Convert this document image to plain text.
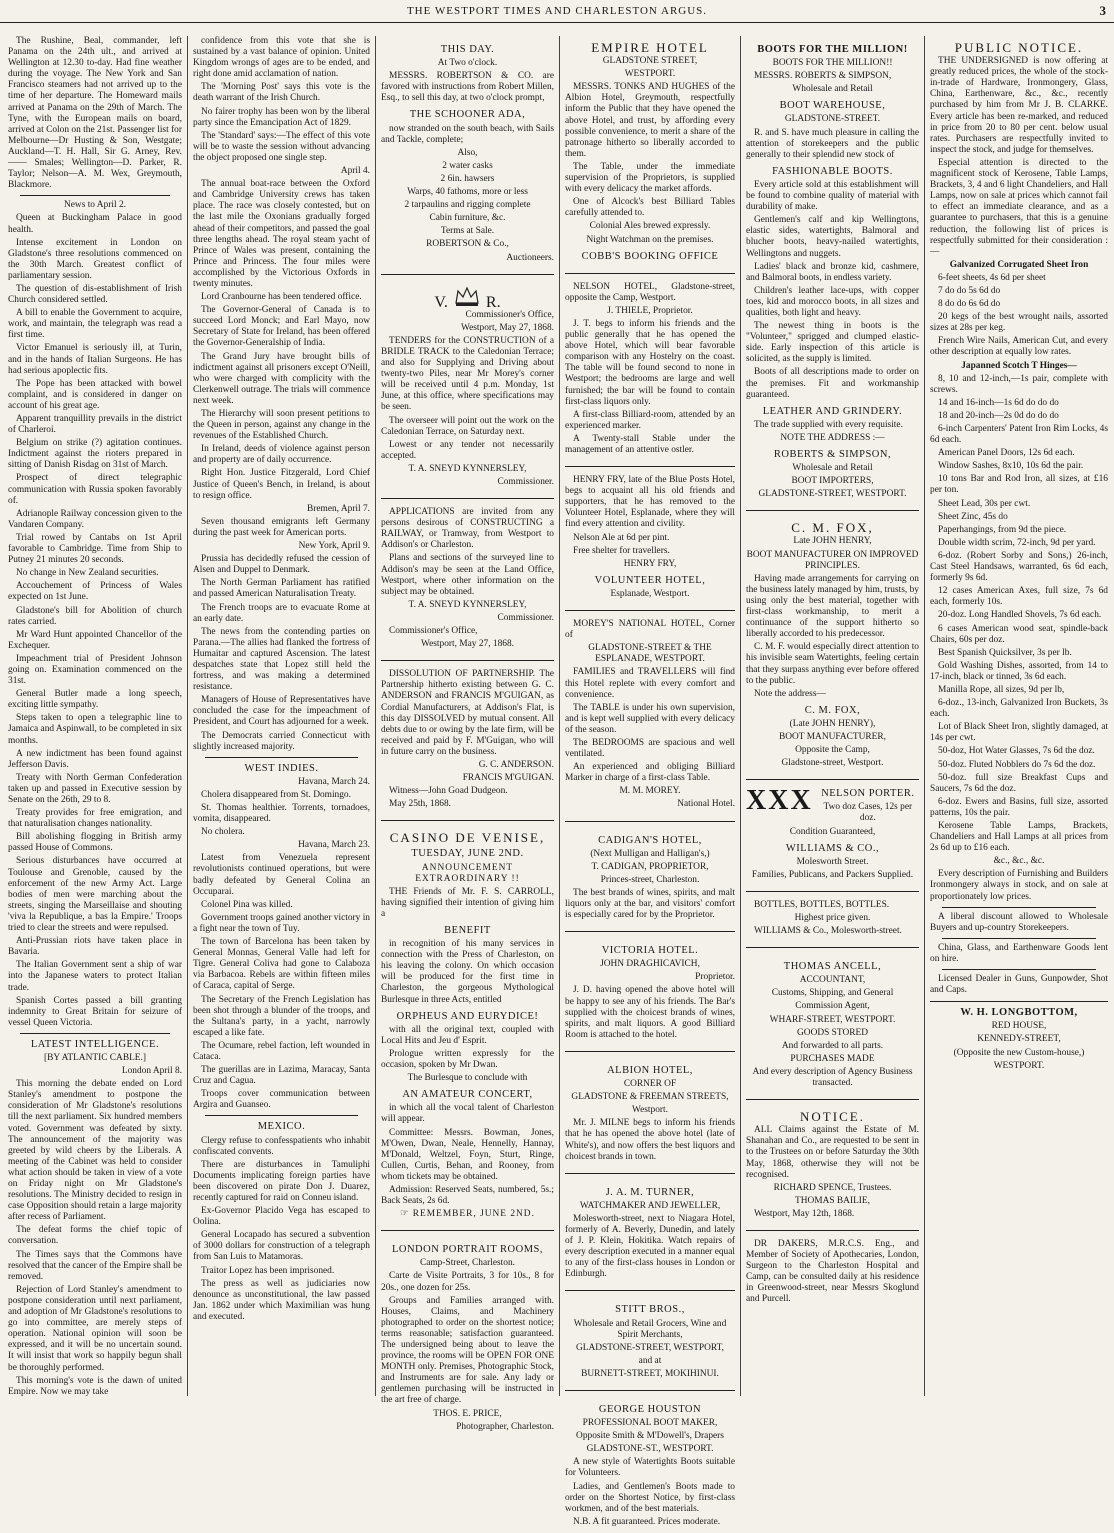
THE WESTPORT TIMES AND CHARLESTON ARGUS.	3

The Rushine, Beal, commander, left Panama on the 24th ult., and arrived at Wellington at 12.30 to-day. Had fine weather during the voyage. The New York and San Francisco steamers had not arrived up to the time of her departure. The Homeward mails arrived at Panama on the 29th of March. The Tyne, with the European mails on board, arrived at Colon on the 21st. Passenger list for Melbourne—Dr Husting & Son, Westgate; Auckland—T. H. Hall, Sir G. Arney, Rev. —— Smales; Wellington—D. Parker, R. Taylor; Nelson—A. M. Wex, Greymouth, Blackmore.

News to April 2.

Queen at Buckingham Palace in good health.

Intense excitement in London on Gladstone's three resolutions commenced on the 30th March. Greatest conflict of parliamentary session.

The question of dis-establishment of Irish Church considered settled.

A bill to enable the Government to acquire, work, and maintain, the telegraph was read a first time.

Victor Emanuel is seriously ill, at Turin, and in the hands of Italian Surgeons. He has had serious apoplectic fits.

The Pope has been attacked with bowel complaint, and is considered in danger on account of his great age.

Apparent tranquillity prevails in the district of Charleroi.

Belgium on strike (?) agitation continues. Indictment against the rioters prepared in sitting of Danish Risdag on 31st of March.

Prospect of direct telegraphic communication with Russia spoken favorably of.

Adrianople Railway concession given to the Vandaren Company.

Trial rowed by Cantabs on 1st April favorable to Cambridge. Time from Ship to Putney 21 minutes 20 seconds.

No change in New Zealand securities.

Accouchement of Princess of Wales expected on 1st June.

Gladstone's bill for Abolition of church rates carried.

Mr Ward Hunt appointed Chancellor of the Exchequer.

Impeachment trial of President Johnson going on. Examination commenced on the 31st.

General Butler made a long speech, exciting little sympathy.

Steps taken to open a telegraphic line to Jamaica and Aspinwall, to be completed in six months.

A new indictment has been found against Jefferson Davis.

Treaty with North German Confederation taken up and passed in Executive session by Senate on the 26th, 29 to 8.

Treaty provides for free emigration, and that naturalisation changes nationality.

Bill abolishing flogging in British army passed House of Commons.

Serious disturbances have occurred at Toulouse and Grenoble, caused by the enforcement of the new Army Act. Large bodies of men were marching about the streets, singing the Marseillaise and shouting 'viva la Republique, a bas la Empire.' Troops tried to clear the streets and were repulsed.

Anti-Prussian riots have taken place in Bavaria.

The Italian Government sent a ship of war into the Japanese waters to protect Italian trade.

Spanish Cortes passed a bill granting indemnity to Great Britain for seizure of vessel Queen Victoria.

LATEST INTELLIGENCE.

[BY ATLANTIC CABLE.]

London April 8.

This morning the debate ended on Lord Stanley's amendment to postpone the consideration of Mr Gladstone's resolutions till the next parliament. Six hundred members voted. Government was defeated by sixty. The announcement of the majority was greeted by wild cheers by the Liberals. A meeting of the Cabinet was held to consider what action should be taken in view of a vote on Friday night on Mr Gladstone's resolutions. The Ministry decided to resign in case Opposition should retain a large majority after recess of Parliament.

The defeat forms the chief topic of conversation.

The Times says that the Commons have resolved that the cancer of the Empire shall be removed.

Rejection of Lord Stanley's amendment to postpone consideration until next parliament, and adoption of Mr Gladstone's resolutions to go into committee, are merely steps of operation. National opinion will soon be expressed, and it will be no uncertain sound. It will insist that work so happily begun shall be thoroughly performed.

This morning's vote is the dawn of united Empire. Now we may take

confidence from this vote that she is sustained by a vast balance of opinion. United Kingdom wrongs of ages are to be ended, and right done amid acclamation of nation.

The 'Morning Post' says this vote is the death warrant of the Irish Church.

No fairer trophy has been won by the liberal party since the Emancipation Act of 1829.

The 'Standard' says:—The effect of this vote will be to waste the session without advancing the object proposed one single step.

April 4.

The annual boat-race between the Oxford and Cambridge University crews has taken place. The race was closely contested, but on the last mile the Oxonians gradually forged ahead of their competitors, and passed the goal three lengths ahead. The royal steam yacht of Prince of Wales was present, containing the Prince and Princess. The four miles were accomplished by the Victorious Oxfords in twenty minutes.

Lord Cranbourne has been tendered office.

The Governor-General of Canada is to succeed Lord Monck; and Earl Mayo, now Secretary of State for Ireland, has been offered the Governor-Generalship of India.

The Grand Jury have brought bills of indictment against all prisoners except O'Neill, who were charged with complicity with the Clerkenwell outrage. The trials will commence next week.

The Hierarchy will soon present petitions to the Queen in person, against any change in the revenues of the Established Church.

In Ireland, deeds of violence against person and property are of daily occurrence.

Right Hon. Justice Fitzgerald, Lord Chief Justice of Queen's Bench, in Ireland, is about to resign office.

Bremen, April 7.

Seven thousand emigrants left Germany during the past week for American ports.

New York, April 9.

Prussia has decidedly refused the cession of Alsen and Duppel to Denmark.

The North German Parliament has ratified and passed American Naturalisation Treaty.

The French troops are to evacuate Rome at an early date.

The news from the contending parties on Parana.—The allies had flanked the fortress of Humaitar and captured Ascension. The latest despatches state that Lopez still held the fortress, and was making a determined resistance.

Managers of House of Representatives have concluded the case for the impeachment of President, and Court has adjourned for a week.

The Democrats carried Connecticut with slightly increased majority.

WEST INDIES.

Havana, March 24.

Cholera disappeared from St. Domingo.

St. Thomas healthier. Torrents, tornadoes, vomita, disappeared.

No cholera.

Havana, March 23.

Latest from Venezuela represent revolutionists continued operations, but were badly defeated by General Colina an Occuparai.

Colonel Pina was killed.

Government troops gained another victory in a fight near the town of Tuy.

The town of Barcelona has been taken by General Monnas, General Valle had left for Tigre. General Coliva had gone to Calaboza via Barbacoa. Rebels are within fifteen miles of Caraca, capital of Serge.

The Secretary of the French Legislation has been shot through a blunder of the troops, and the Sultana's party, in a yacht, narrowly escaped a like fate.

The Ocumare, rebel faction, left wounded in Cataca.

The guerillas are in Lazima, Maracay, Santa Cruz and Cagua.

Troops cover communication between Argira and Guanseo.

MEXICO.

Clergy refuse to confesspatients who inhabit confiscated convents.

There are disturbances in Tamuliphi Documents implicating foreign parties have been discovered on pirate Don J. Duarez, recently captured for raid on Conneu island.

Ex-Governor Placido Vega has escaped to Oolina.

General Locapado has secured a subvention of 3000 dollars for construction of a telegraph from San Luis to Matamoras.

Traitor Lopez has been imprisoned.

The press as well as judiciaries now denounce as unconstitutional, the law passed Jan. 1862 under which Maximilian was hung and executed.

THIS DAY.

At Two o'clock.

MESSRS. ROBERTSON & CO. are favored with instructions from Robert Millen, Esq., to sell this day, at two o'clock prompt,

THE SCHOONER ADA,

now stranded on the south beach, with Sails and Tackle, complete;

Also,

2 water casks

2 6in. hawsers

Warps, 40 fathoms, more or less

2 tarpaulins and rigging complete

Cabin furniture, &c.

Terms at Sale.

ROBERTSON & Co.,

Auctioneers.

V. R.

Commissioner's Office,

Westport, May 27, 1868.

TENDERS for the CONSTRUCTION of a BRIDLE TRACK to the Caledonian Terrace; and also for Supplying and Driving about twenty-two Piles, near Mr Morey's corner will be received until 4 p.m. Monday, 1st June, at this office, where specifications may be seen.

The overseer will point out the work on the Caledonian Terrace, on Saturday next.

Lowest or any tender not necessarily accepted.

T. A. SNEYD KYNNERSLEY,

Commissioner.

APPLICATIONS are invited from any persons desirous of CONSTRUCTING a RAILWAY, or Tramway, from Westport to Addison's or Charleston.

Plans and sections of the surveyed line to Addison's may be seen at the Land Office, Westport, where other information on the subject may be obtained.

T. A. SNEYD KYNNERSLEY,

Commissioner.

Commissioner's Office,

Westport, May 27, 1868.

DISSOLUTION OF PARTNERSHIP. The Partnership hitherto existing between G. C. ANDERSON and FRANCIS M'GUIGAN, as Cordial Manufacturers, at Addison's Flat, is this day DISSOLVED by mutual consent. All debts due to or owing by the late firm, will be received and paid by F. M'Guigan, who will in future carry on the business.

G. C. ANDERSON.

FRANCIS M'GUIGAN.

Witness—John Goad Dudgeon.

May 25th, 1868.

CASINO DE VENISE,

TUESDAY, JUNE 2ND.

ANNOUNCEMENT EXTRAORDINARY !!

THE Friends of Mr. F. S. CARROLL, having signified their intention of giving him a

BENEFIT

in recognition of his many services in connection with the Press of Charleston, on his leaving the colony. On which occasion will be produced for the first time in Charleston, the gorgeous Mythological Burlesque in three Acts, entitled

ORPHEUS AND EURYDICE!

with all the original text, coupled with Local Hits and Jeu d' Esprit.

Prologue written expressly for the occasion, spoken by Mr Dwan.

The Burlesque to conclude with

AN AMATEUR CONCERT,

in which all the vocal talent of Charleston will appear.

Committee: Messrs. Bowman, Jones, M'Owen, Dwan, Neale, Hennelly, Hannay, M'Donald, Weltzel, Foyn, Sturt, Ringe, Cullen, Curtis, Behan, and Rooney, from whom tickets may be obtained.

Admission: Reserved Seats, numbered, 5s.; Back Seats, 2s 6d.

☞ REMEMBER, JUNE 2ND.

LONDON PORTRAIT ROOMS,

Camp-Street, Charleston.

Carte de Visite Portraits, 3 for 10s., 8 for 20s., one dozen for 25s.

Groups and Families arranged with. Houses, Claims, and Machinery photographed to order on the shortest notice; terms reasonable; satisfaction guaranteed. The undersigned being about to leave the province, the rooms will be OPEN FOR ONE MONTH only. Premises, Photographic Stock, and Instruments are for sale. Any lady or gentlemen purchasing will be instructed in the art free of charge.

THOS. E. PRICE,

Photographer, Charleston.

EMPIRE HOTEL

GLADSTONE STREET,

WESTPORT.

MESSRS. TONKS AND HUGHES of the Albion Hotel, Greymouth, respectfully inform the Public that they have opened the above Hotel, and trust, by affording every possible convenience, to merit a share of the patronage hitherto so liberally accorded to them.

The Table, under the immediate supervision of the Proprietors, is supplied with every delicacy the market affords.

One of Alcock's best Billiard Tables carefully attended to.

Colonial Ales brewed expressly.

Night Watchman on the premises.

COBB'S BOOKING OFFICE

NELSON HOTEL, Gladstone-street, opposite the Camp, Westport.

J. THIELE, Proprietor.

J. T. begs to inform his friends and the public generally that he has opened the above Hotel, which will bear favorable comparison with any Hostelry on the coast. The table will be found second to none in Westport; the bedrooms are large and well furnished; the bar will be found to contain first-class liquors only.

A first-class Billiard-room, attended by an experienced marker.

A Twenty-stall Stable under the management of an attentive ostler.

HENRY FRY, late of the Blue Posts Hotel, begs to acquaint all his old friends and supporters, that he has removed to the Volunteer Hotel, Esplanade, where they will find every attention and civility.

Nelson Ale at 6d per pint.

Free shelter for travellers.

HENRY FRY,

VOLUNTEER HOTEL,

Esplanade, Westport.

MOREY'S NATIONAL HOTEL, Corner of

GLADSTONE-STREET & THE ESPLANADE, WESTPORT.

FAMILIES and TRAVELLERS will find this Hotel replete with every comfort and convenience.

The TABLE is under his own supervision, and is kept well supplied with every delicacy of the season.

The BEDROOMS are spacious and well ventilated.

An experienced and obliging Billiard Marker in charge of a first-class Table.

M. M. MOREY.

National Hotel.

CADIGAN'S HOTEL,

(Next Mulligan and Halligan's,)

T. CADIGAN, PROPRIETOR,

Princes-street, Charleston.

The best brands of wines, spirits, and malt liquors only at the bar, and visitors' comfort is especially cared for by the Proprietor.

VICTORIA HOTEL.

JOHN DRAGHICAVICH,

Proprietor.

J. D. having opened the above hotel will be happy to see any of his friends. The Bar's supplied with the choicest brands of wines, spirits, and malt liquors. A good Billiard Room is attached to the hotel.

ALBION HOTEL,

CORNER OF

GLADSTONE & FREEMAN STREETS,

Westport.

Mr. J. MILNE begs to inform his friends that he has opened the above hotel (late of White's), and now offers the best liquors and choicest brands in town.

J. A. M. TURNER,

WATCHMAKER AND JEWELLER,

Molesworth-street, next to Niagara Hotel, formerly of A. Beverly, Dunedin, and lately of J. P. Klein, Hokitika. Watch repairs of every description executed in a manner equal to any of the first-class houses in London or Edinburgh.

STITT BROS.,

Wholesale and Retail Grocers, Wine and Spirit Merchants,

GLADSTONE-STREET, WESTPORT,

and at

BURNETT-STREET, MOKIHINUI.

GEORGE HOUSTON

PROFESSIONAL BOOT MAKER,

Opposite Smith & M'Dowell's, Drapers

GLADSTONE-ST., WESTPORT.

A new style of Watertights Boots suitable for Volunteers.

Ladies, and Gentlemen's Boots made to order on the Shortest Notice, by first-class workmen, and of the best materials.

N.B. A fit guaranteed. Prices moderate.

BOOTS FOR THE MILLION!

BOOTS FOR THE MILLION!!

MESSRS. ROBERTS & SIMPSON,

Wholesale and Retail

BOOT WAREHOUSE,

GLADSTONE-STREET.

R. and S. have much pleasure in calling the attention of storekeepers and the public generally to their splendid new stock of

FASHIONABLE BOOTS.

Every article sold at this establishment will be found to combine quality of material with durability of make.

Gentlemen's calf and kip Wellingtons, elastic sides, watertights, Balmoral and blucher boots, heavy-nailed watertights, Wellingtons and nuggets.

Ladies' black and bronze kid, cashmere, and Balmoral boots, in endless variety.

Children's leather lace-ups, with copper toes, kid and morocco boots, in all sizes and qualities, both light and heavy.

The newest thing in boots is the "Volunteer," sprigged and clumped elastic-side. Early inspection of this article is solicited, as the supply is limited.

Boots of all descriptions made to order on the premises. Fit and workmanship guaranteed.

LEATHER AND GRINDERY.

The trade supplied with every requisite.

NOTE THE ADDRESS :—

ROBERTS & SIMPSON,

Wholesale and Retail

BOOT IMPORTERS,

GLADSTONE-STREET, WESTPORT.

C. M. FOX,

Late JOHN HENRY,

BOOT MANUFACTURER ON IMPROVED PRINCIPLES.

Having made arrangements for carrying on the business lately managed by him, trusts, by using only the best material, together with first-class workmanship, to merit a continuance of the support hitherto so liberally accorded to his predecessor.

C. M. F. would especially direct attention to his invisible seam Watertights, feeling certain that they surpass anything ever before offered to the public.

Note the address—

C. M. FOX,

(Late JOHN HENRY),

BOOT MANUFACTURER,

Opposite the Camp,

Gladstone-street, Westport.

XXX NELSON PORTER.

Two doz Cases, 12s per doz.

Condition Guaranteed,

WILLIAMS & CO.,

Molesworth Street.

Families, Publicans, and Packers Supplied.

BOTTLES, BOTTLES, BOTTLES.

Highest price given.

WILLIAMS & Co., Molesworth-street.

THOMAS ANCELL,

ACCOUNTANT,

Customs, Shipping, and General

Commission Agent,

WHARF-STREET, WESTPORT.

GOODS STORED

And forwarded to all parts.

PURCHASES MADE

And every description of Agency Business transacted.

NOTICE.

ALL Claims against the Estate of M. Shanahan and Co., are requested to be sent in to the Trustees on or before Saturday the 30th May, 1868, otherwise they will not be recognised.

RICHARD SPENCE, Trustees.

THOMAS BAILIE,

Westport, May 12th, 1868.

DR DAKERS, M.R.C.S. Eng., and Member of Society of Apothecaries, London, Surgeon to the Charleston Hospital and Camp, can be consulted daily at his residence in Greenwood-street, near Messrs Skoglund and Purcell.

PUBLIC NOTICE.

THE UNDERSIGNED is now offering at greatly reduced prices, the whole of the stock-in-trade of Hardware, Ironmongery, Glass, China, Earthenware, &c., &c., recently purchased by him from Mr J. B. CLARKE. Every article has been re-marked, and reduced in price from 20 to 80 per cent. below usual rates. Purchasers are respectfully invited to inspect the stock, and judge for themselves.

Especial attention is directed to the magnificent stock of Kerosene, Table Lamps, Brackets, 3, 4 and 6 light Chandeliers, and Hall Lamps, now on sale at prices which cannot fail to effect an immediate clearance, and as a guarantee to purchasers, that this is a genuine reduction, the following list of prices is respectfully submitted for their consideration :—

Galvanized Corrugated Sheet Iron

6-feet sheets, 4s 6d per sheet

7 do do 5s 6d do

8 do do 6s 6d do

20 kegs of the best wrought nails, assorted sizes at 28s per keg.

French Wire Nails, American Cut, and every other description at equally low rates.

Japanned Scotch T Hinges—

8, 10 and 12-inch,—1s pair, complete with screws.

14 and 16-inch—1s 6d do do do

18 and 20-inch—2s 0d do do do

6-inch Carpenters' Patent Iron Rim Locks, 4s 6d each.

American Panel Doors, 12s 6d each.

Window Sashes, 8x10, 10s 6d the pair.

10 tons Bar and Rod Iron, all sizes, at £16 per ton.

Sheet Lead, 30s per cwt.

Sheet Zinc, 45s do

Paperhangings, from 9d the piece.

Double width scrim, 72-inch, 9d per yard.

6-doz. (Robert Sorby and Sons,) 26-inch, Cast Steel Handsaws, warranted, 6s 6d each, formerly 9s 6d.

12 cases American Axes, full size, 7s 6d each, formerly 10s.

20-doz. Long Handled Shovels, 7s 6d each.

6 cases American wood seat, spindle-back Chairs, 60s per doz.

Best Spanish Quicksilver, 3s per lb.

Gold Washing Dishes, assorted, from 14 to 17-inch, black or tinned, 3s 6d each.

Manilla Rope, all sizes, 9d per lb,

6-doz., 13-inch, Galvanized Iron Buckets, 3s each.

Lot of Black Sheet Iron, slightly damaged, at 14s per cwt.

50-doz, Hot Water Glasses, 7s 6d the doz.

50-doz. Fluted Nobblers do 7s 6d the doz.

50-doz. full size Breakfast Cups and Saucers, 7s 6d the doz.

6-doz. Ewers and Basins, full size, assorted patterns, 10s the pair.

Kerosene Table Lamps, Brackets, Chandeliers and Hall Lamps at all prices from 2s 6d up to £16 each.

&c., &c., &c.

Every description of Furnishing and Builders Ironmongery always in stock, and on sale at proportionately low prices.

A liberal discount allowed to Wholesale Buyers and up-country Storekeepers.

China, Glass, and Earthenware Goods lent on hire.

Licensed Dealer in Guns, Gunpowder, Shot and Caps.

W. H. LONGBOTTOM,

RED HOUSE,

KENNEDY-STREET,

(Opposite the new Custom-house,)

WESTPORT.
